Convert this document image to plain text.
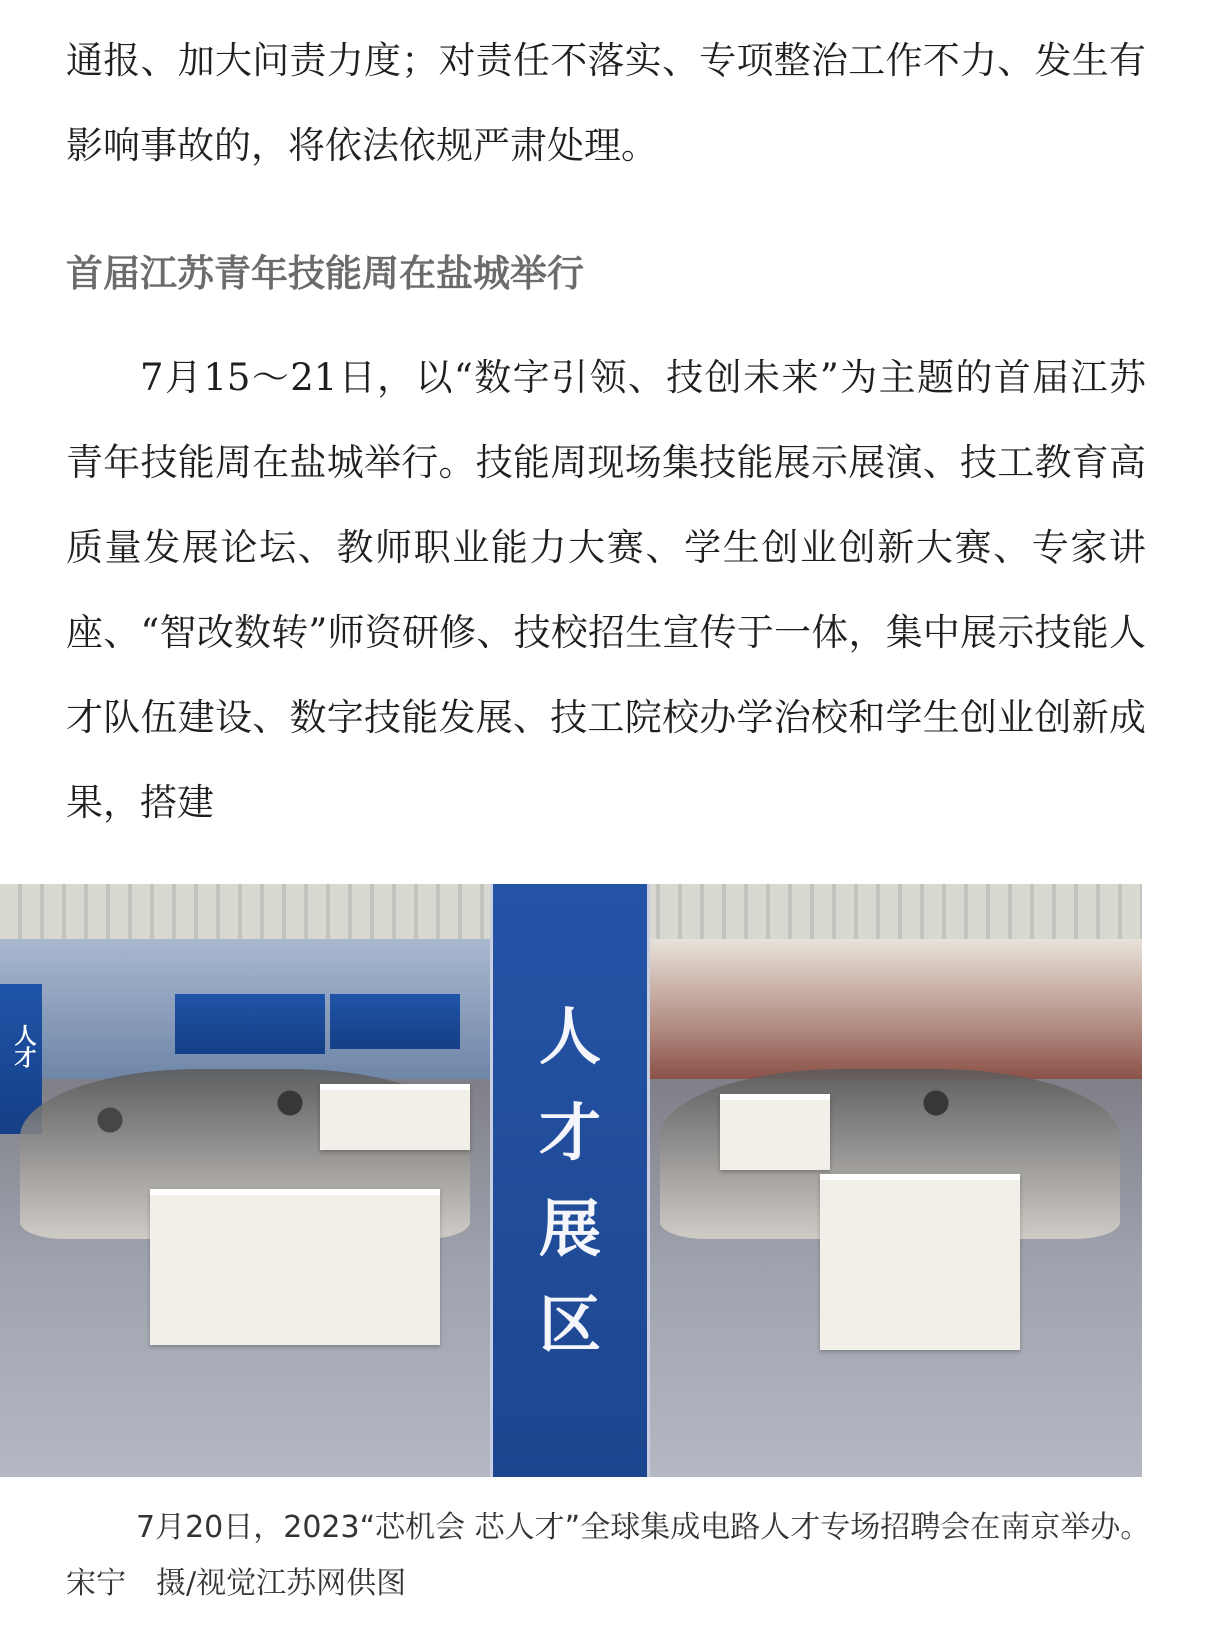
通报、加大问责力度；对责任不落实、专项整治工作不力、发生有影响事故的，将依法依规严肃处理。

首届江苏青年技能周在盐城举行

7月15～21日，以“数字引领、技创未来”为主题的首届江苏青年技能周在盐城举行。技能周现场集技能展示展演、技工教育高质量发展论坛、教师职业能力大赛、学生创业创新大赛、专家讲座、“智改数转”师资研修、技校招生宣传于一体，集中展示技能人才队伍建设、数字技能发展、技工院校办学治校和学生创业创新成果，搭建

人才	人
才
展
区

7月20日，2023“芯机会 芯人才”全球集成电路人才专场招聘会在南京举办。　　宋宁　摄/视觉江苏网供图
